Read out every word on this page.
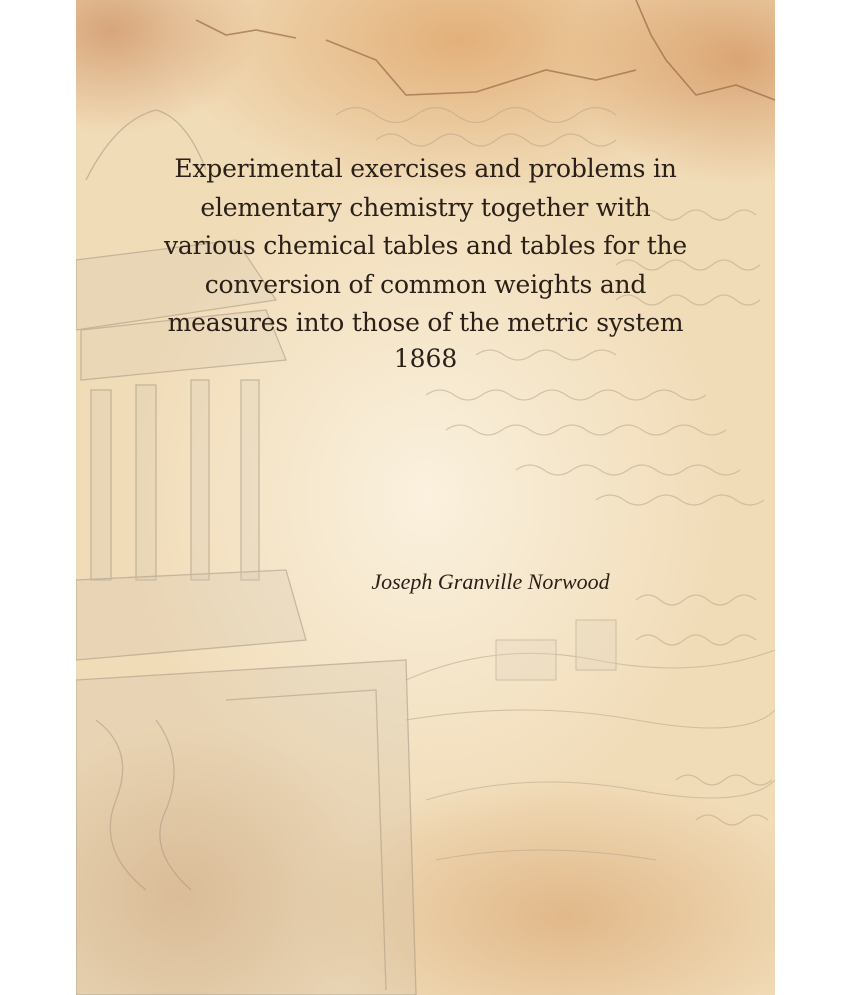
Experimental exercises and problems in
elementary chemistry together with
various chemical tables and tables for the
conversion of common weights and
measures into those of the metric system
1868
Joseph Granville Norwood
